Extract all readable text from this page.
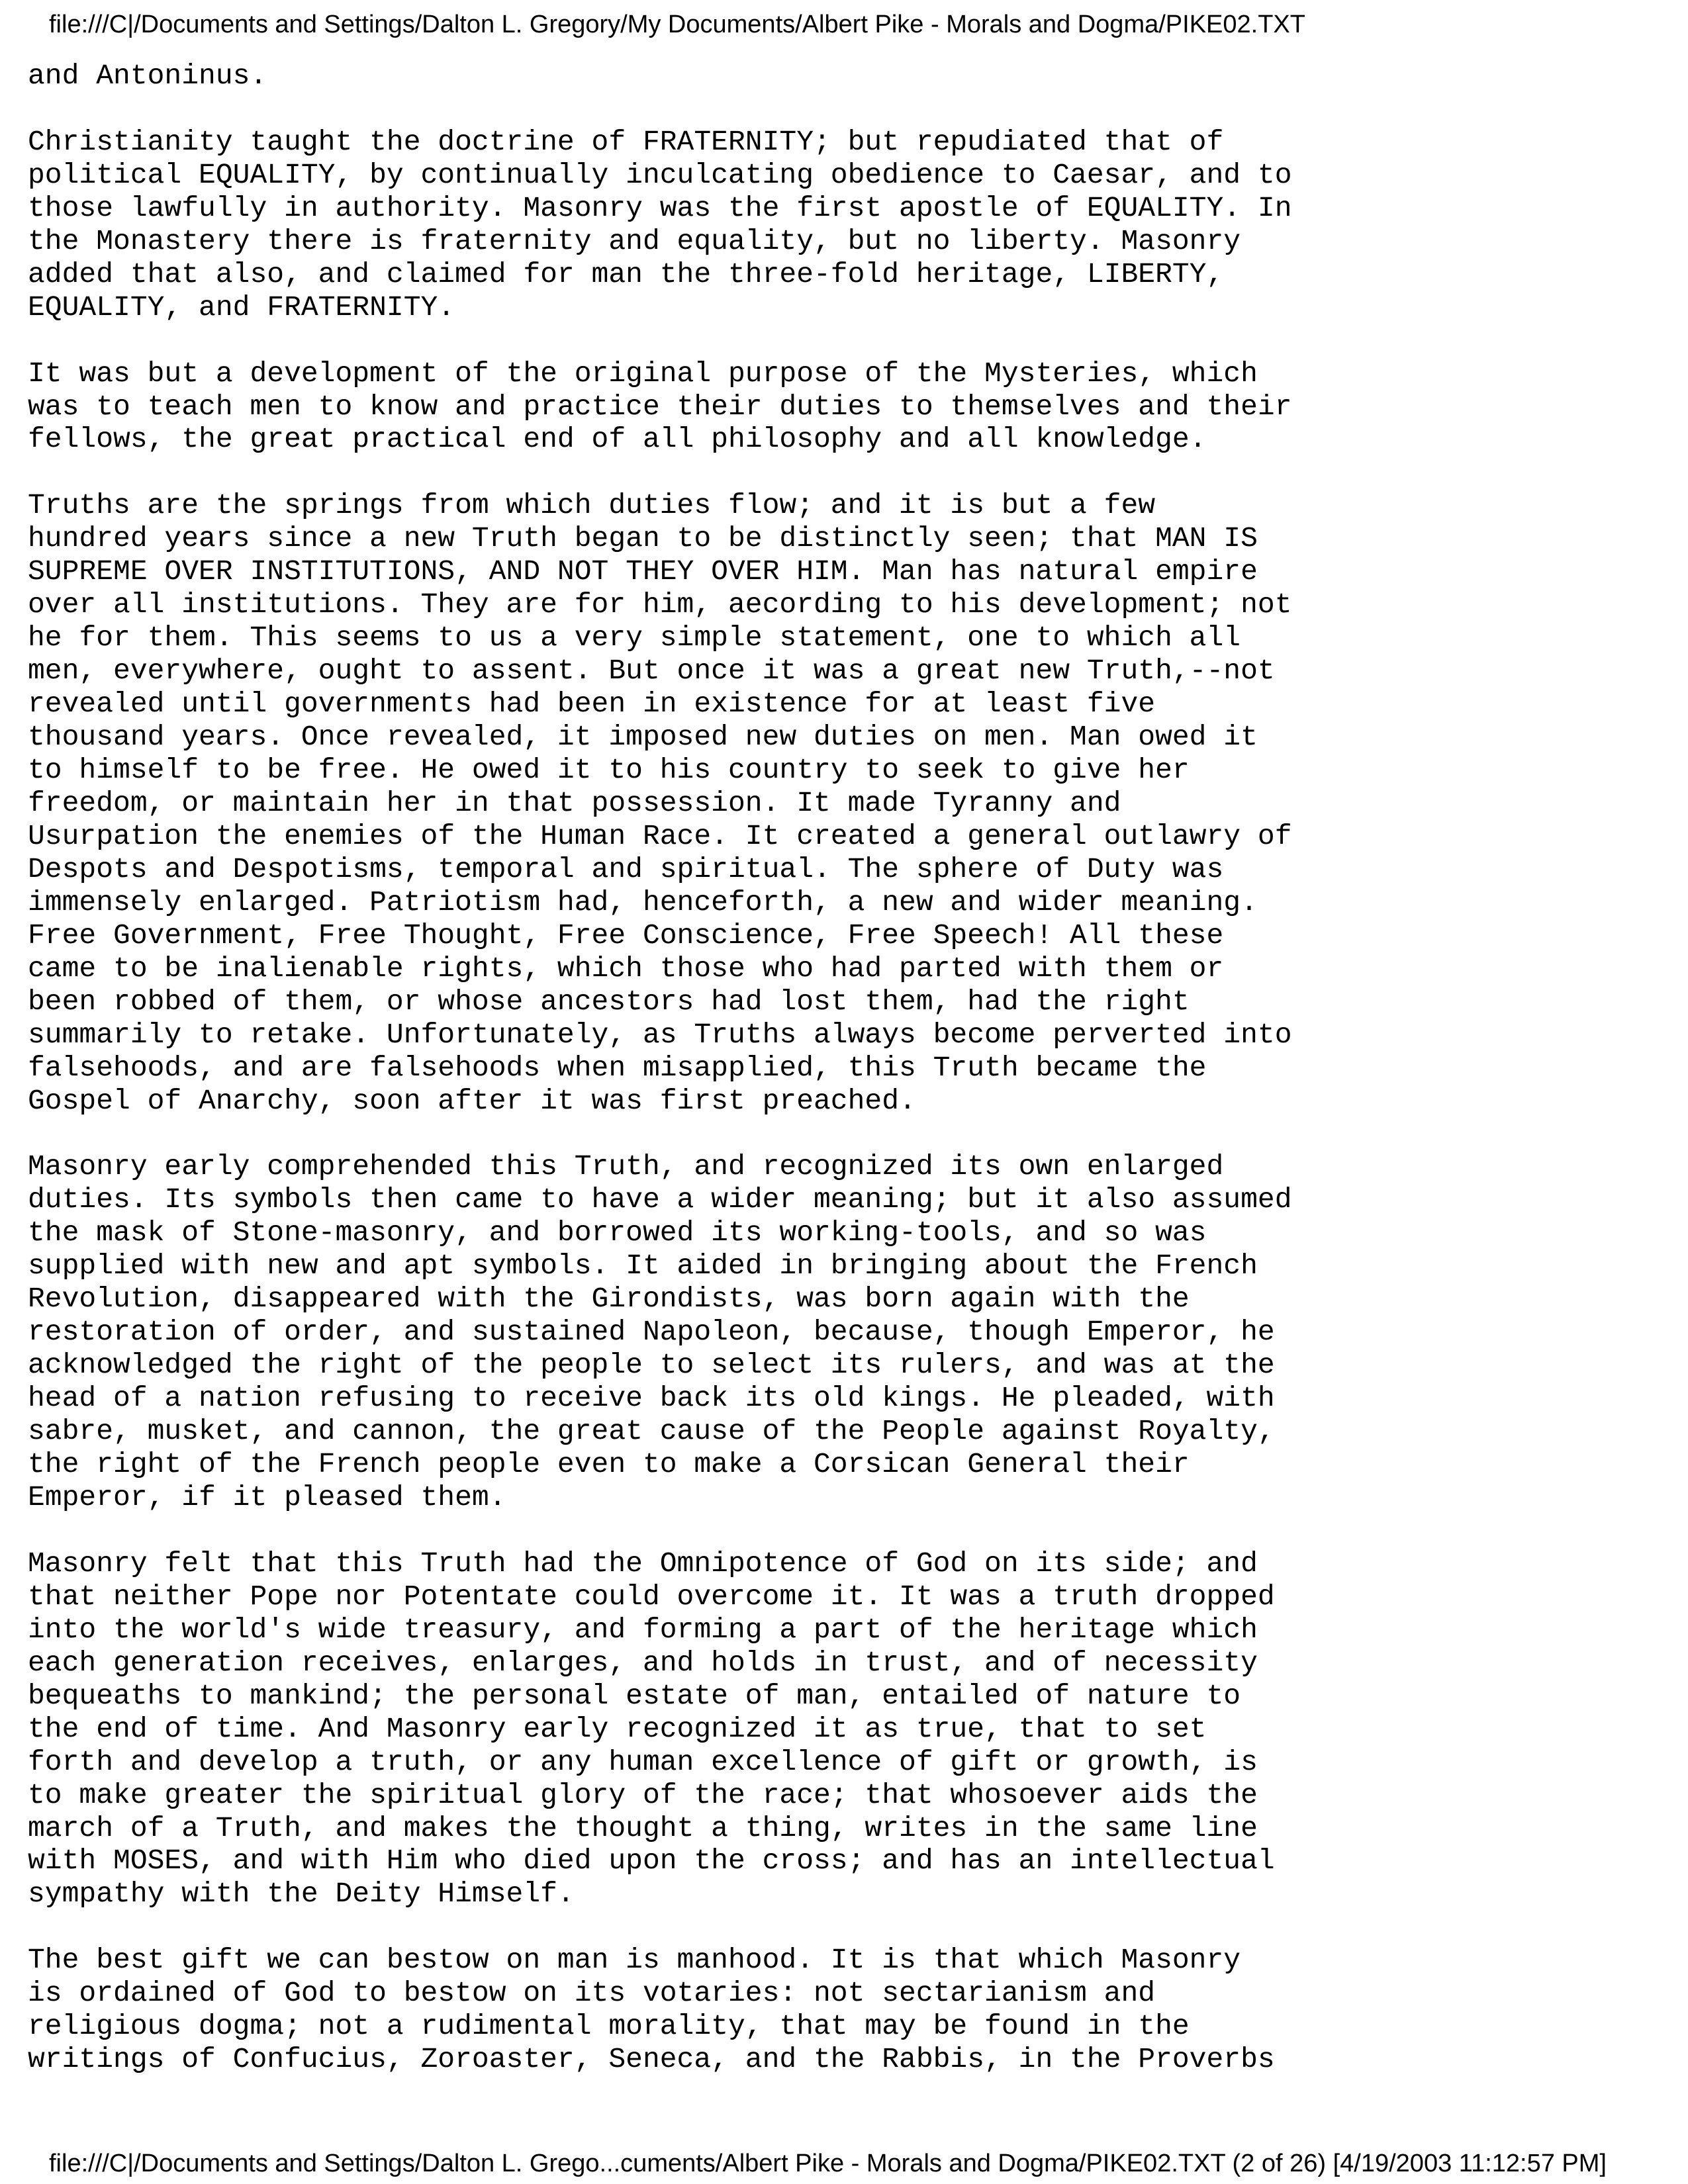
file:///C|/Documents and Settings/Dalton L. Gregory/My Documents/Albert Pike - Morals and Dogma/PIKE02.TXT
and Antoninus.

Christianity taught the doctrine of FRATERNITY; but repudiated that of
political EQUALITY, by continually inculcating obedience to Caesar, and to
those lawfully in authority. Masonry was the first apostle of EQUALITY. In
the Monastery there is fraternity and equality, but no liberty. Masonry
added that also, and claimed for man the three-fold heritage, LIBERTY,
EQUALITY, and FRATERNITY.

It was but a development of the original purpose of the Mysteries, which
was to teach men to know and practice their duties to themselves and their
fellows, the great practical end of all philosophy and all knowledge.

Truths are the springs from which duties flow; and it is but a few
hundred years since a new Truth began to be distinctly seen; that MAN IS
SUPREME OVER INSTITUTIONS, AND NOT THEY OVER HIM. Man has natural empire
over all institutions. They are for him, aecording to his development; not
he for them. This seems to us a very simple statement, one to which all
men, everywhere, ought to assent. But once it was a great new Truth,--not
revealed until governments had been in existence for at least five
thousand years. Once revealed, it imposed new duties on men. Man owed it
to himself to be free. He owed it to his country to seek to give her
freedom, or maintain her in that possession. It made Tyranny and
Usurpation the enemies of the Human Race. It created a general outlawry of
Despots and Despotisms, temporal and spiritual. The sphere of Duty was
immensely enlarged. Patriotism had, henceforth, a new and wider meaning.
Free Government, Free Thought, Free Conscience, Free Speech! All these
came to be inalienable rights, which those who had parted with them or
been robbed of them, or whose ancestors had lost them, had the right
summarily to retake. Unfortunately, as Truths always become perverted into
falsehoods, and are falsehoods when misapplied, this Truth became the
Gospel of Anarchy, soon after it was first preached.

Masonry early comprehended this Truth, and recognized its own enlarged
duties. Its symbols then came to have a wider meaning; but it also assumed
the mask of Stone-masonry, and borrowed its working-tools, and so was
supplied with new and apt symbols. It aided in bringing about the French
Revolution, disappeared with the Girondists, was born again with the
restoration of order, and sustained Napoleon, because, though Emperor, he
acknowledged the right of the people to select its rulers, and was at the
head of a nation refusing to receive back its old kings. He pleaded, with
sabre, musket, and cannon, the great cause of the People against Royalty,
the right of the French people even to make a Corsican General their
Emperor, if it pleased them.

Masonry felt that this Truth had the Omnipotence of God on its side; and
that neither Pope nor Potentate could overcome it. It was a truth dropped
into the world's wide treasury, and forming a part of the heritage which
each generation receives, enlarges, and holds in trust, and of necessity
bequeaths to mankind; the personal estate of man, entailed of nature to
the end of time. And Masonry early recognized it as true, that to set
forth and develop a truth, or any human excellence of gift or growth, is
to make greater the spiritual glory of the race; that whosoever aids the
march of a Truth, and makes the thought a thing, writes in the same line
with MOSES, and with Him who died upon the cross; and has an intellectual
sympathy with the Deity Himself.

The best gift we can bestow on man is manhood. It is that which Masonry
is ordained of God to bestow on its votaries: not sectarianism and
religious dogma; not a rudimental morality, that may be found in the
writings of Confucius, Zoroaster, Seneca, and the Rabbis, in the Proverbs
file:///C|/Documents and Settings/Dalton L. Grego...cuments/Albert Pike - Morals and Dogma/PIKE02.TXT (2 of 26) [4/19/2003 11:12:57 PM]
